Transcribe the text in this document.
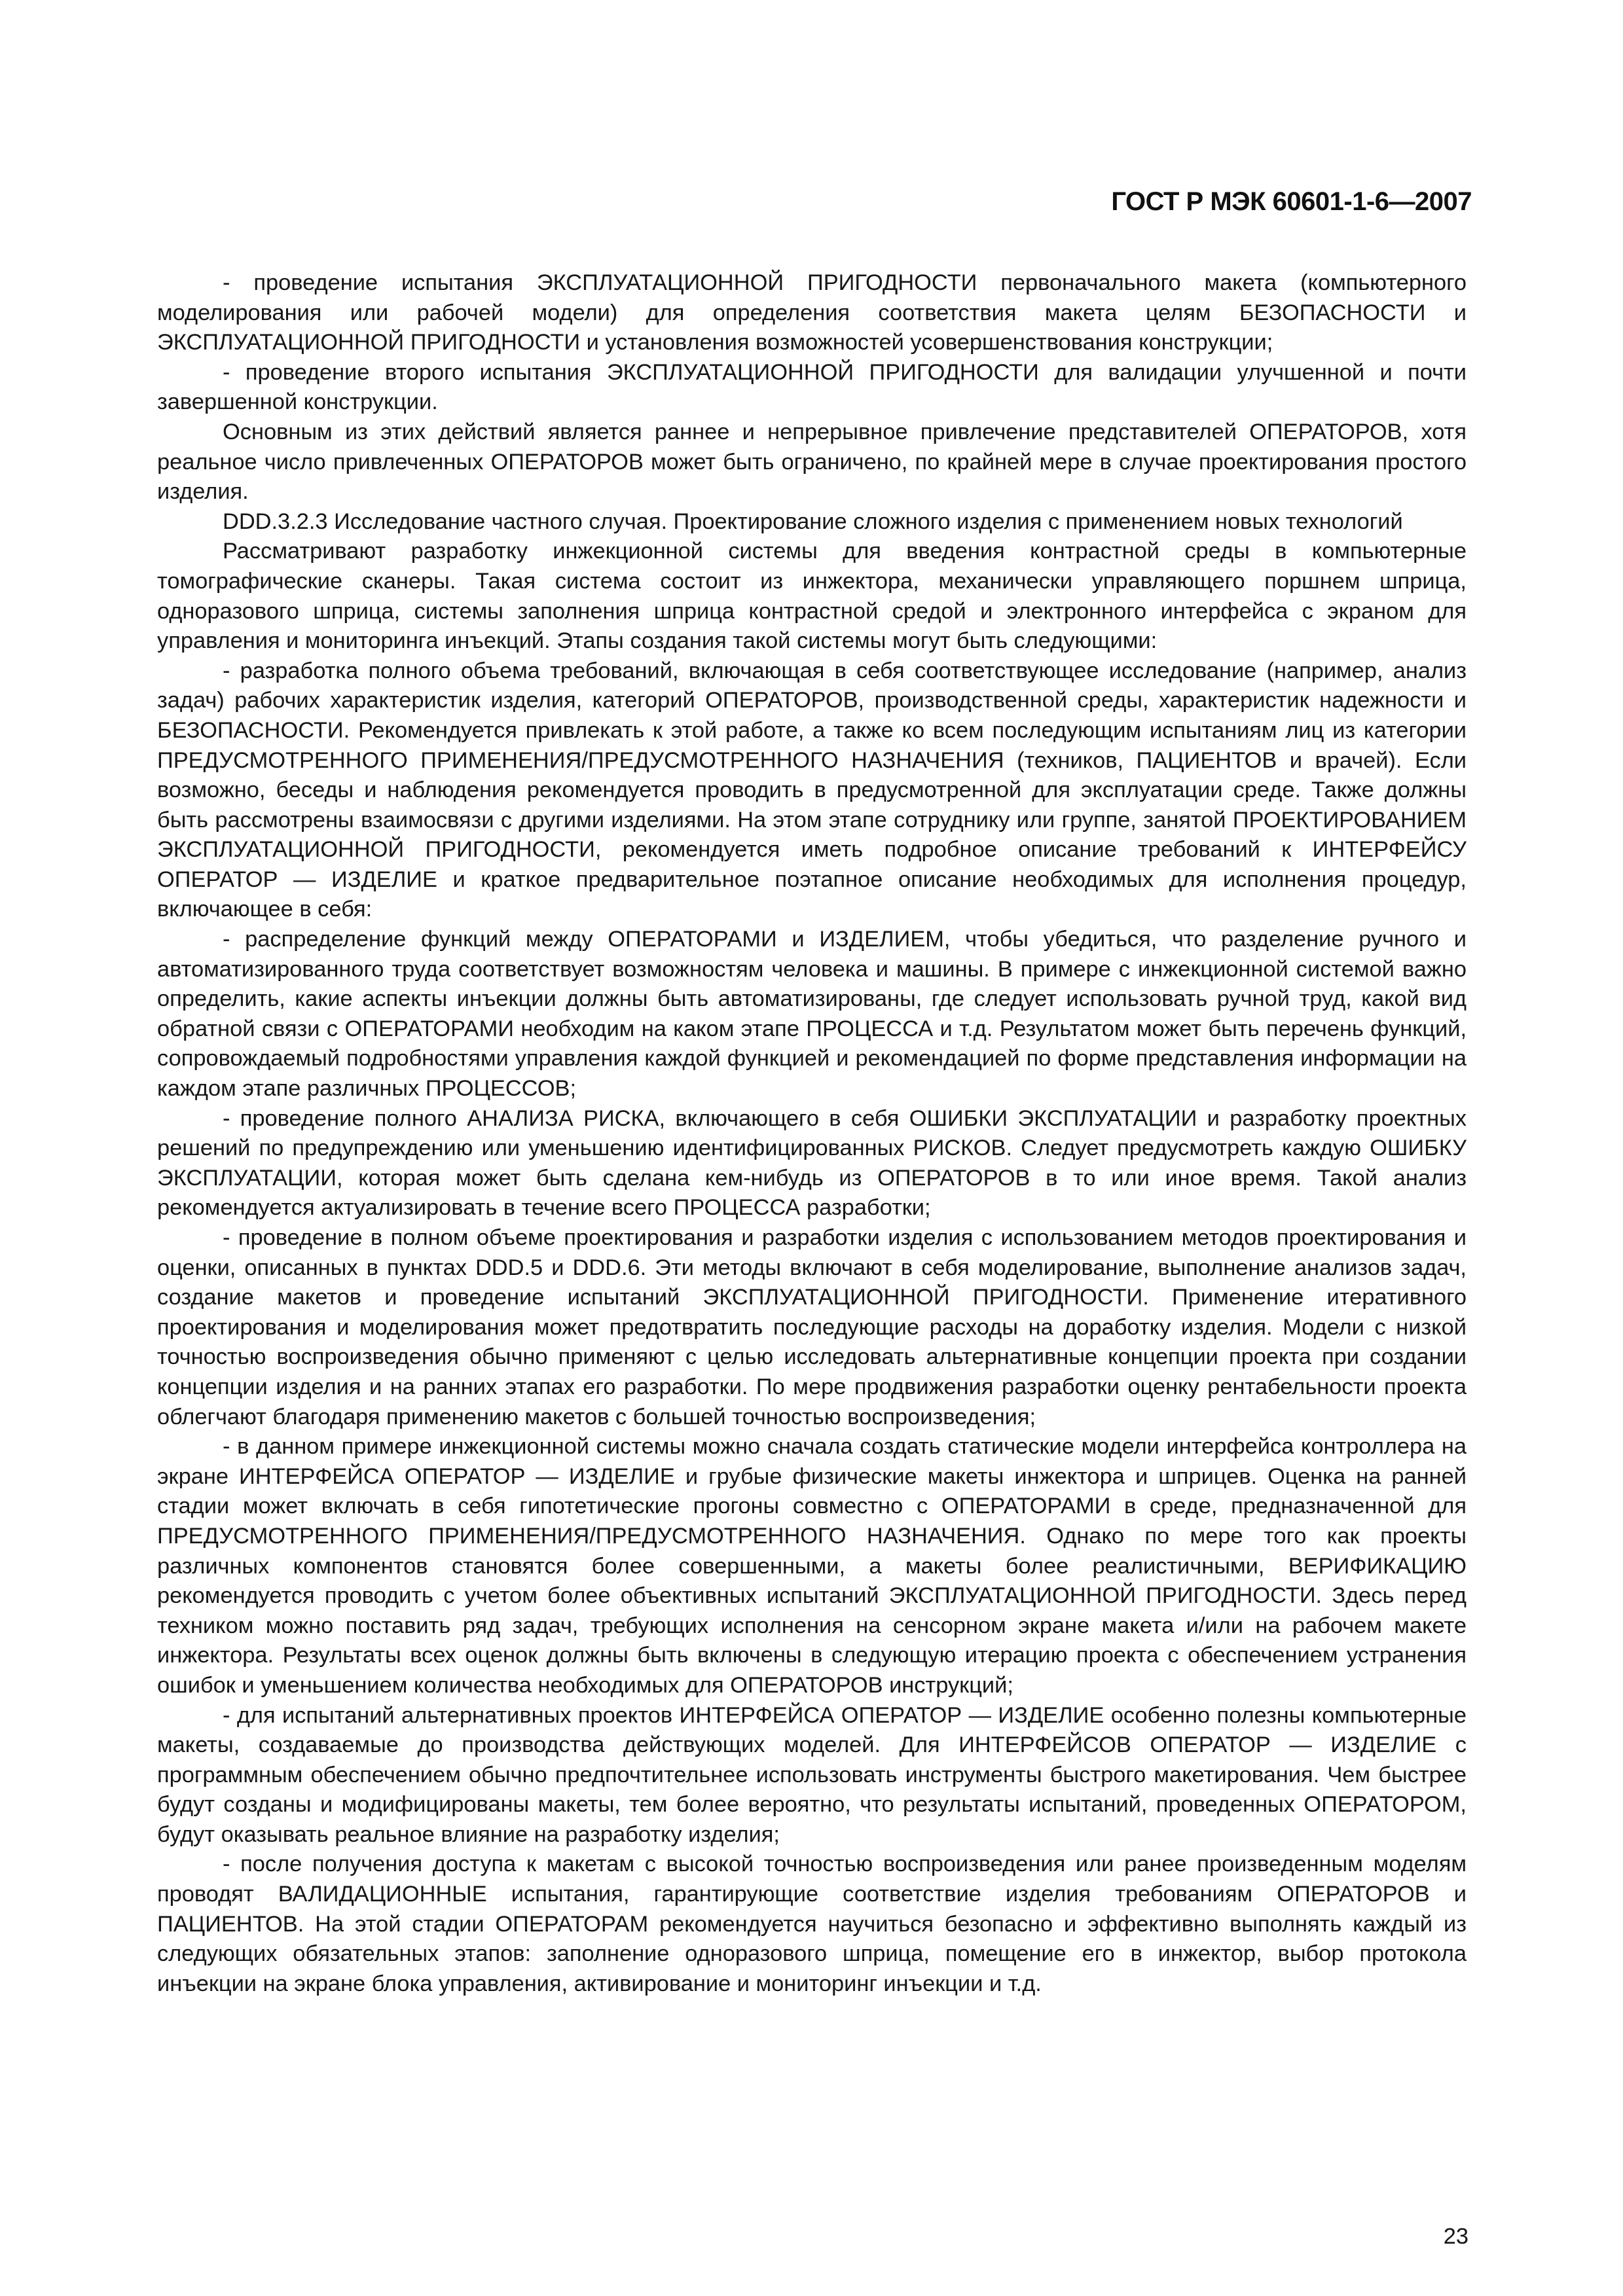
ГОСТ Р МЭК 60601-1-6—2007

- проведение испытания ЭКСПЛУАТАЦИОННОЙ ПРИГОДНОСТИ первоначального макета (компьютерного моделирования или рабочей модели) для определения соответствия макета целям БЕЗОПАСНОСТИ и ЭКСПЛУАТАЦИОННОЙ ПРИГОДНОСТИ и установления возможностей усовершенствования конструкции;

- проведение второго испытания ЭКСПЛУАТАЦИОННОЙ ПРИГОДНОСТИ для валидации улучшенной и почти завершенной конструкции.

Основным из этих действий является раннее и непрерывное привлечение представителей ОПЕРАТОРОВ, хотя реальное число привлеченных ОПЕРАТОРОВ может быть ограничено, по крайней мере в случае проектирования простого изделия.

DDD.3.2.3 Исследование частного случая. Проектирование сложного изделия с применением новых технологий

Рассматривают разработку инжекционной системы для введения контрастной среды в компьютерные томографические сканеры. Такая система состоит из инжектора, механически управляющего поршнем шприца, одноразового шприца, системы заполнения шприца контрастной средой и электронного интерфейса с экраном для управления и мониторинга инъекций. Этапы создания такой системы могут быть следующими:

- разработка полного объема требований, включающая в себя соответствующее исследование (например, анализ задач) рабочих характеристик изделия, категорий ОПЕРАТОРОВ, производственной среды, характеристик надежности и БЕЗОПАСНОСТИ. Рекомендуется привлекать к этой работе, а также ко всем последующим испытаниям лиц из категории ПРЕДУСМОТРЕННОГО ПРИМЕНЕНИЯ/ПРЕДУСМОТРЕННОГО НАЗНАЧЕНИЯ (техников, ПАЦИЕНТОВ и врачей). Если возможно, беседы и наблюдения рекомендуется проводить в предусмотренной для эксплуатации среде. Также должны быть рассмотрены взаимосвязи с другими изделиями. На этом этапе сотруднику или группе, занятой ПРОЕКТИРОВАНИЕМ ЭКСПЛУАТАЦИОННОЙ ПРИГОДНОСТИ, рекомендуется иметь подробное описание требований к ИНТЕРФЕЙСУ ОПЕРАТОР — ИЗДЕЛИЕ и краткое предварительное поэтапное описание необходимых для исполнения процедур, включающее в себя:

- распределение функций между ОПЕРАТОРАМИ и ИЗДЕЛИЕМ, чтобы убедиться, что разделение ручного и автоматизированного труда соответствует возможностям человека и машины. В примере с инжекционной системой важно определить, какие аспекты инъекции должны быть автоматизированы, где следует использовать ручной труд, какой вид обратной связи с ОПЕРАТОРАМИ необходим на каком этапе ПРОЦЕССА и т.д. Результатом может быть перечень функций, сопровождаемый подробностями управления каждой функцией и рекомендацией по форме представления информации на каждом этапе различных ПРОЦЕССОВ;

- проведение полного АНАЛИЗА РИСКА, включающего в себя ОШИБКИ ЭКСПЛУАТАЦИИ и разработку проектных решений по предупреждению или уменьшению идентифицированных РИСКОВ. Следует предусмотреть каждую ОШИБКУ ЭКСПЛУАТАЦИИ, которая может быть сделана кем-нибудь из ОПЕРАТОРОВ в то или иное время. Такой анализ рекомендуется актуализировать в течение всего ПРОЦЕССА разработки;

- проведение в полном объеме проектирования и разработки изделия с использованием методов проектирования и оценки, описанных в пунктах DDD.5 и DDD.6. Эти методы включают в себя моделирование, выполнение анализов задач, создание макетов и проведение испытаний ЭКСПЛУАТАЦИОННОЙ ПРИГОДНОСТИ. Применение итеративного проектирования и моделирования может предотвратить последующие расходы на доработку изделия. Модели с низкой точностью воспроизведения обычно применяют с целью исследовать альтернативные концепции проекта при создании концепции изделия и на ранних этапах его разработки. По мере продвижения разработки оценку рентабельности проекта облегчают благодаря применению макетов с большей точностью воспроизведения;

- в данном примере инжекционной системы можно сначала создать статические модели интерфейса контроллера на экране ИНТЕРФЕЙСА ОПЕРАТОР — ИЗДЕЛИЕ и грубые физические макеты инжектора и шприцев. Оценка на ранней стадии может включать в себя гипотетические прогоны совместно с ОПЕРАТОРАМИ в среде, предназначенной для ПРЕДУСМОТРЕННОГО ПРИМЕНЕНИЯ/ПРЕДУСМОТРЕННОГО НАЗНАЧЕНИЯ. Однако по мере того как проекты различных компонентов становятся более совершенными, а макеты более реалистичными, ВЕРИФИКАЦИЮ рекомендуется проводить с учетом более объективных испытаний ЭКСПЛУАТАЦИОННОЙ ПРИГОДНОСТИ. Здесь перед техником можно поставить ряд задач, требующих исполнения на сенсорном экране макета и/или на рабочем макете инжектора. Результаты всех оценок должны быть включены в следующую итерацию проекта с обеспечением устранения ошибок и уменьшением количества необходимых для ОПЕРАТОРОВ инструкций;

- для испытаний альтернативных проектов ИНТЕРФЕЙСА ОПЕРАТОР — ИЗДЕЛИЕ особенно полезны компьютерные макеты, создаваемые до производства действующих моделей. Для ИНТЕРФЕЙСОВ ОПЕРАТОР — ИЗДЕЛИЕ с программным обеспечением обычно предпочтительнее использовать инструменты быстрого макетирования. Чем быстрее будут созданы и модифицированы макеты, тем более вероятно, что результаты испытаний, проведенных ОПЕРАТОРОМ, будут оказывать реальное влияние на разработку изделия;

- после получения доступа к макетам с высокой точностью воспроизведения или ранее произведенным моделям проводят ВАЛИДАЦИОННЫЕ испытания, гарантирующие соответствие изделия требованиям ОПЕРАТОРОВ и ПАЦИЕНТОВ. На этой стадии ОПЕРАТОРАМ рекомендуется научиться безопасно и эффективно выполнять каждый из следующих обязательных этапов: заполнение одноразового шприца, помещение его в инжектор, выбор протокола инъекции на экране блока управления, активирование и мониторинг инъекции и т.д.

23
